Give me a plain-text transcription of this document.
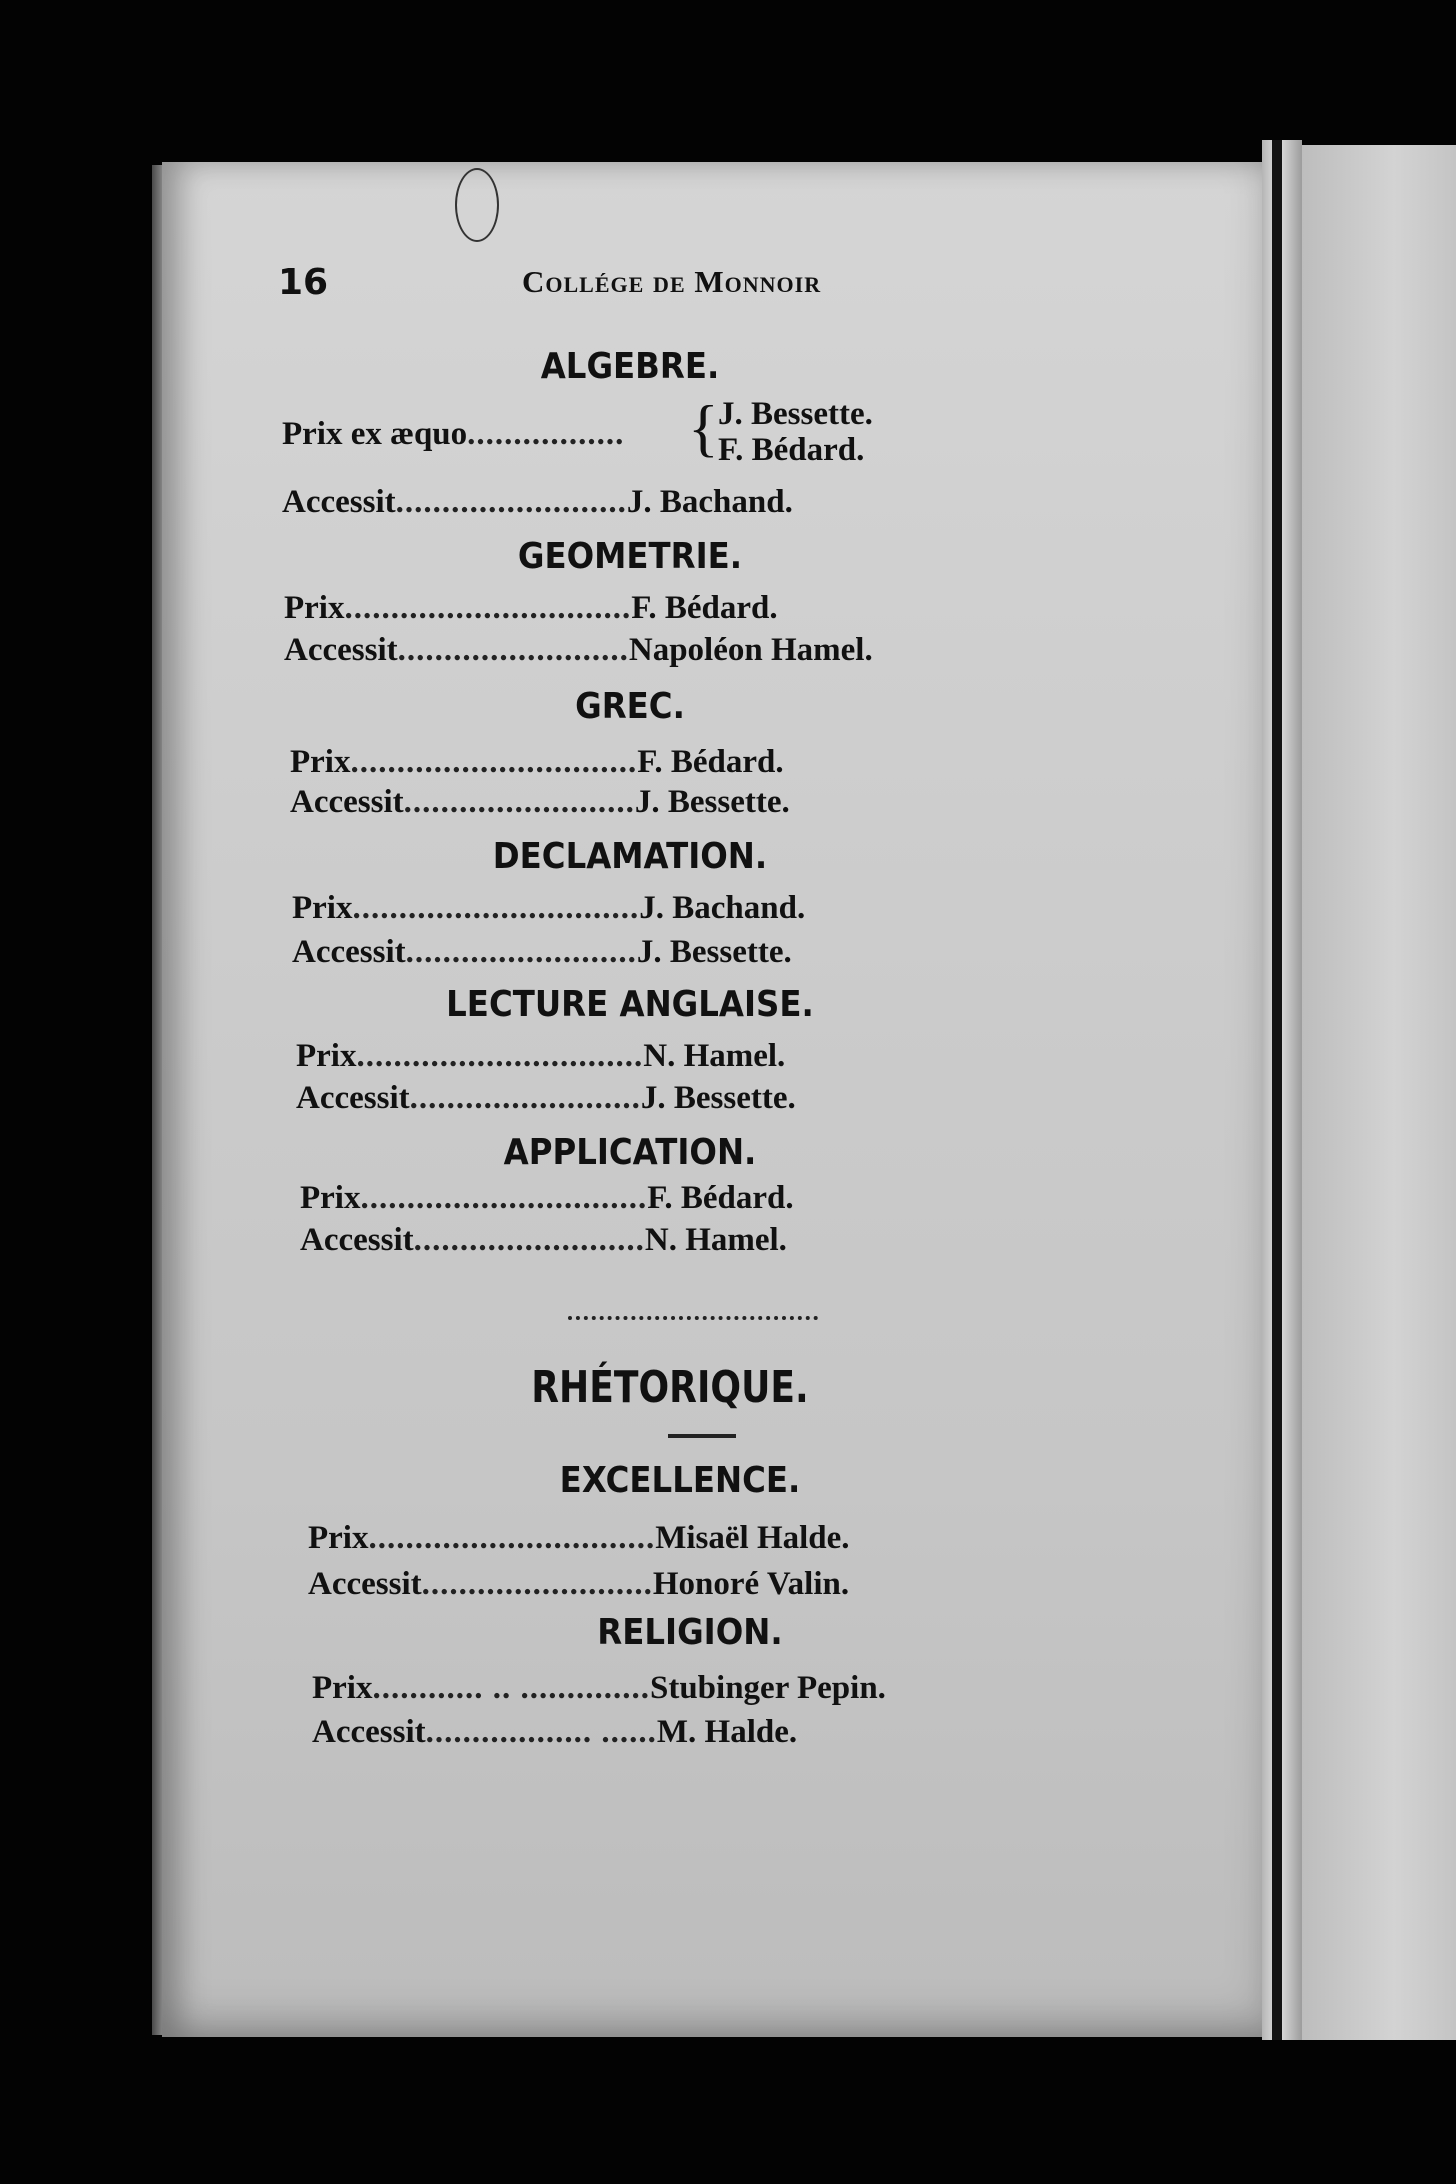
16	Collége de Monnoir
ALGEBRE.
Prix ex æquo................. { J. Bessette.
F. Bédard.
Accessit.........................J. Bachand.
GEOMETRIE.
Prix...............................F. Bédard.
Accessit.........................Napoléon Hamel.
GREC.
Prix...............................F. Bédard.
Accessit.........................J. Bessette.
DECLAMATION.
Prix...............................J. Bachand.
Accessit.........................J. Bessette.
LECTURE ANGLAISE.
Prix...............................N. Hamel.
Accessit.........................J. Bessette.
APPLICATION.
Prix...............................F. Bédard.
Accessit.........................N. Hamel.
RHÉTORIQUE.
EXCELLENCE.
Prix...............................Misaël Halde.
Accessit.........................Honoré Valin.
RELIGION.
Prix............ .. ..............Stubinger Pepin.
Accessit.................. ......M. Halde.
